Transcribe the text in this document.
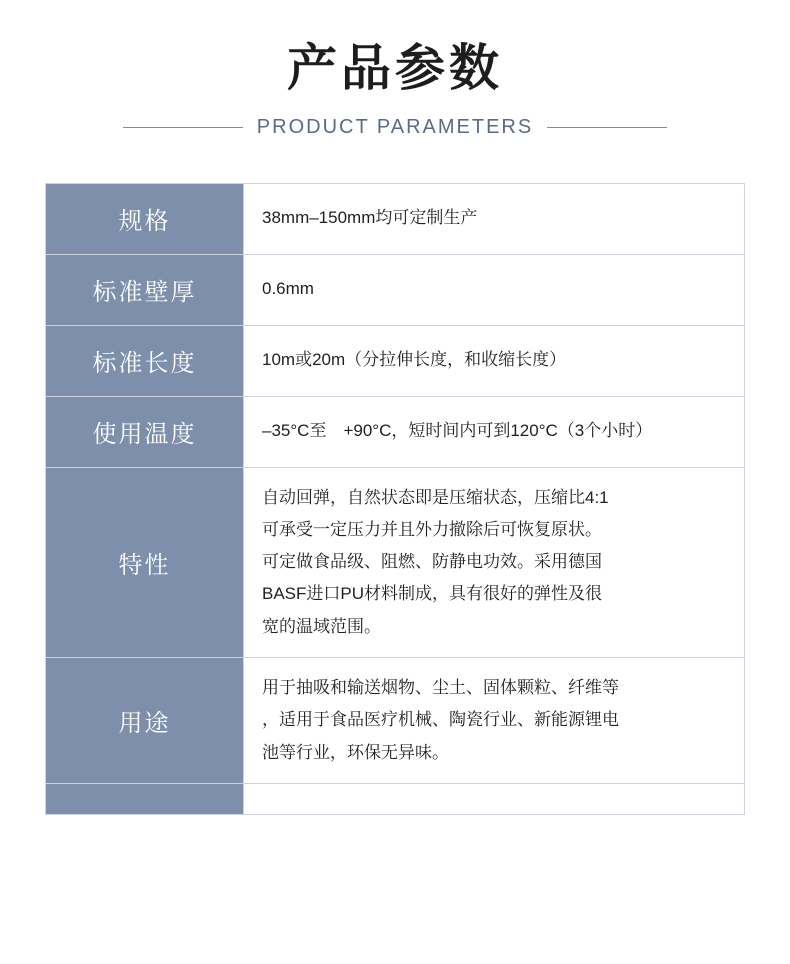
产品参数
PRODUCT PARAMETERS
规格	38mm–150mm均可定制生产

标准壁厚	0.6mm

标准长度	10m或20m（分拉伸长度，和收缩长度）

使用温度	–35°C至　+90°C，短时间内可到120°C（3个小时）

特性	自动回弹，自然状态即是压缩状态，压缩比4:1
可承受一定压力并且外力撤除后可恢复原状。
可定做食品级、阻燃、防静电功效。采用德国
BASF进口PU材料制成，具有很好的弹性及很
宽的温域范围。

用途	用于抽吸和输送烟物、尘土、固体颗粒、纤维等
，适用于食品医疗机械、陶瓷行业、新能源锂电
池等行业，环保无异味。
